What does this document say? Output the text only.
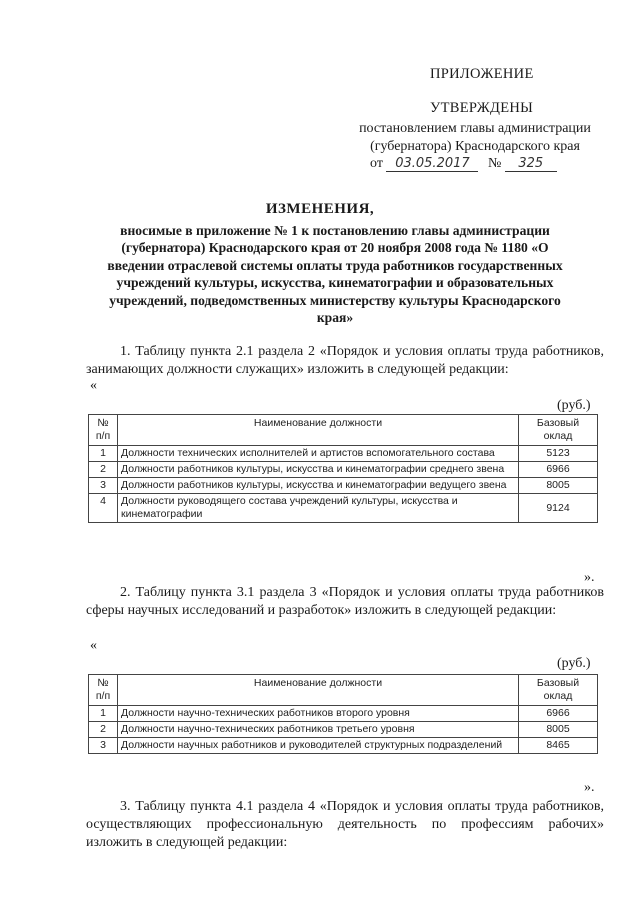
ПРИЛОЖЕНИЕ
УТВЕРЖДЕНЫ
постановлением главы администрации
(губернатора) Краснодарского края
от 03.05.2017 № 325
ИЗМЕНЕНИЯ,
вносимые в приложение № 1 к постановлению главы администрации (губернатора) Краснодарского края от 20 ноября 2008 года № 1180 «О введении отраслевой системы оплаты труда работников государственных учреждений культуры, искусства, кинематографии и образовательных учреждений, подведомственных министерству культуры Краснодарского края»
1. Таблицу пункта 2.1 раздела 2 «Порядок и условия оплаты труда работников, занимающих должности служащих» изложить в следующей редакции:
«
(руб.)
№ п/п	Наименование должности	Базовый оклад
1	Должности технических исполнителей и артистов вспомогательного состава	5123
2	Должности работников культуры, искусства и кинематографии среднего звена	6966
3	Должности работников культуры, искусства и кинематографии ведущего звена	8005
4	Должности руководящего состава учреждений культуры, искусства и кинематографии	9124
».
2. Таблицу пункта 3.1 раздела 3 «Порядок и условия оплаты труда работников сферы научных исследований и разработок» изложить в следующей редакции:
«
(руб.)
№ п/п	Наименование должности	Базовый оклад
1	Должности научно-технических работников второго уровня	6966
2	Должности научно-технических работников третьего уровня	8005
3	Должности научных работников и руководителей структурных подразделений	8465
».
3. Таблицу пункта 4.1 раздела 4 «Порядок и условия оплаты труда работников, осуществляющих профессиональную деятельность по профессиям рабочих» изложить в следующей редакции:
